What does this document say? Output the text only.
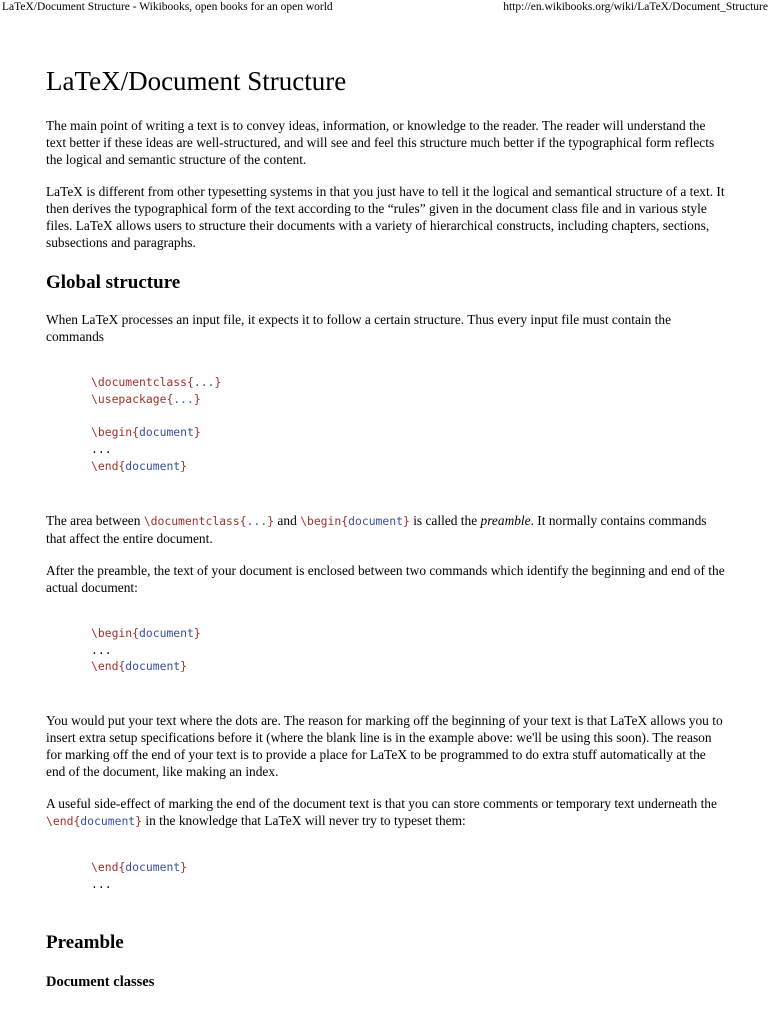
LaTeX/Document Structure - Wikibooks, open books for an open world	http://en.wikibooks.org/wiki/LaTeX/Document_Structure
LaTeX/Document Structure

The main point of writing a text is to convey ideas, information, or knowledge to the reader. The reader will understand the text better if these ideas are well-structured, and will see and feel this structure much better if the typographical form reflects the logical and semantic structure of the content.

LaTeX is different from other typesetting systems in that you just have to tell it the logical and semantical structure of a text. It then derives the typographical form of the text according to the “rules” given in the document class file and in various style files. LaTeX allows users to structure their documents with a variety of hierarchical constructs, including chapters, sections, subsections and paragraphs.

Global structure

When LaTeX processes an input file, it expects it to follow a certain structure. Thus every input file must contain the commands

\documentclass{...}
\usepackage{...}

\begin{document}
...
\end{document}

The area between \documentclass{...} and \begin{document} is called the preamble. It normally contains commands that affect the entire document.

After the preamble, the text of your document is enclosed between two commands which identify the beginning and end of the actual document:

\begin{document}
...
\end{document}

You would put your text where the dots are. The reason for marking off the beginning of your text is that LaTeX allows you to insert extra setup specifications before it (where the blank line is in the example above: we'll be using this soon). The reason for marking off the end of your text is to provide a place for LaTeX to be programmed to do extra stuff automatically at the end of the document, like making an index.

A useful side-effect of marking the end of the document text is that you can store comments or temporary text underneath the \end{document} in the knowledge that LaTeX will never try to typeset them:

\end{document}
...
Preamble
Document classes
